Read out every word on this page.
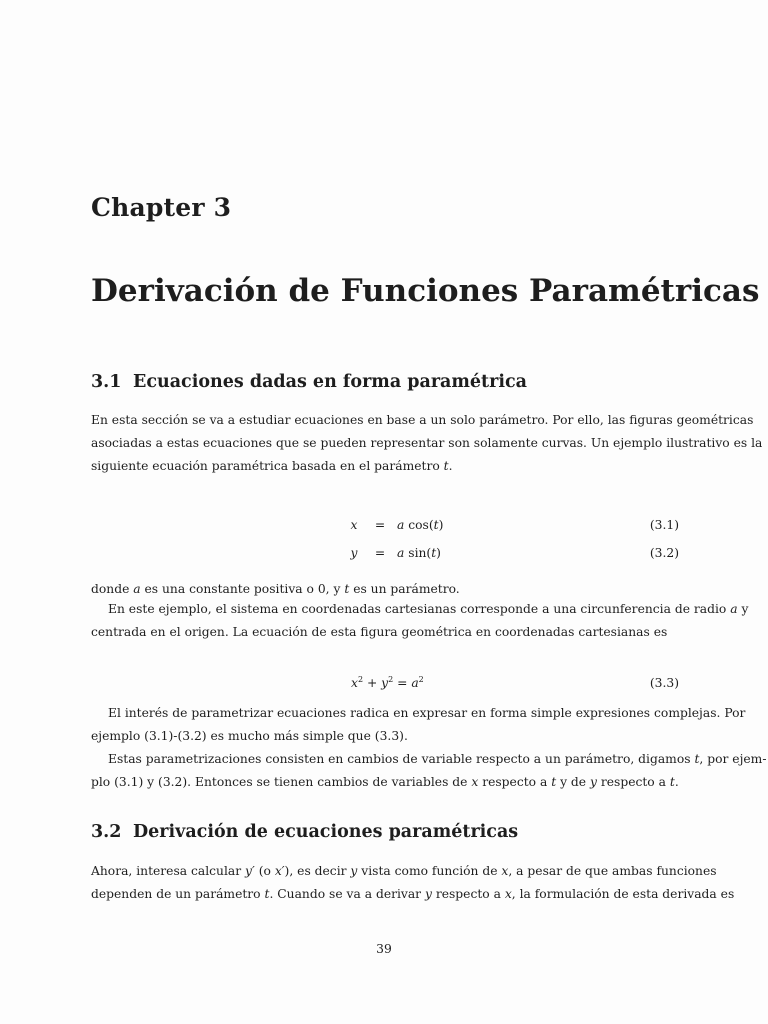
Chapter 3
Derivación de Funciones Paramétricas
3.1 Ecuaciones dadas en forma paramétrica

En esta sección se va a estudiar ecuaciones en base a un solo parámetro. Por ello, las figuras geométricas
asociadas a estas ecuaciones que se pueden representar son solamente curvas. Un ejemplo ilustrativo es la
siguiente ecuación paramétrica basada en el parámetro t.

x	= a cos(t)	(3.1)
y	= a sin(t)	(3.2)

donde a es una constante positiva o 0, y t es un parámetro.

En este ejemplo, el sistema en coordenadas cartesianas corresponde a una circunferencia de radio a y
centrada en el origen. La ecuación de esta figura geométrica en coordenadas cartesianas es

$x^2 + y^2 = a^2$	(3.3)

El interés de parametrizar ecuaciones radica en expresar en forma simple expresiones complejas. Por
ejemplo (3.1)-(3.2) es mucho más simple que (3.3).

Estas parametrizaciones consisten en cambios de variable respecto a un parámetro, digamos t, por ejem-
plo (3.1) y (3.2). Entonces se tienen cambios de variables de x respecto a t y de y respecto a t.

3.2 Derivación de ecuaciones paramétricas

Ahora, interesa calcular y′ (o x′), es decir y vista como función de x, a pesar de que ambas funciones
dependen de un parámetro t. Cuando se va a derivar y respecto a x, la formulación de esta derivada es

39
